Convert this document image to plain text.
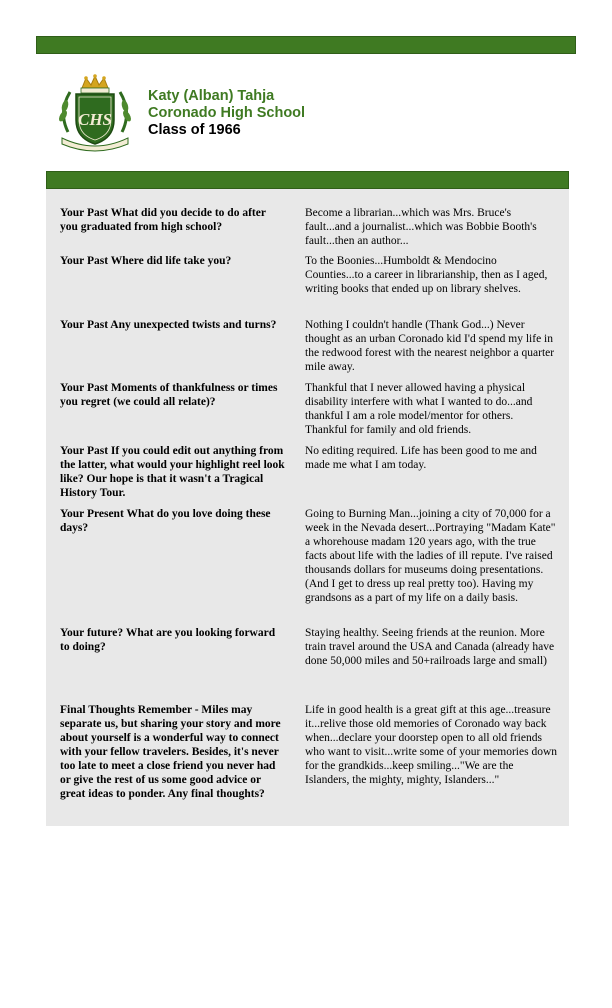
CHS
Katy (Alban) Tahja
Coronado High School
Class of 1966
Your Past What did you decide to do after you graduated from high school?
Become a librarian...which was Mrs. Bruce's fault...and a journalist...which was Bobbie Booth's fault...then an author...
Your Past Where did life take you?	To the Boonies...Humboldt & Mendocino Counties...to a career in librarianship, then as I aged, writing books that ended up on library shelves.
Your Past Any unexpected twists and turns?	Nothing I couldn't handle (Thank God...) Never thought as an urban Coronado kid I'd spend my life in the redwood forest with the nearest neighbor a quarter mile away.
Your Past Moments of thankfulness or times you regret (we could all relate)?
Thankful that I never allowed having a physical disability interfere with what I wanted to do...and thankful I am a role model/mentor for others. Thankful for family and old friends.
Your Past If you could edit out anything from the latter, what would your highlight reel look like? Our hope is that it wasn't a Tragical History Tour.
No editing required. Life has been good to me and made me what I am today.
Your Present What do you love doing these days?
Going to Burning Man...joining a city of 70,000 for a week in the Nevada desert...Portraying "Madam Kate" a whorehouse madam 120 years ago, with the true facts about life with the ladies of ill repute. I've raised thousands dollars for museums doing presentations. (And I get to dress up real pretty too). Having my grandsons as a part of my life on a daily basis.
Your future? What are you looking forward to doing?
Staying healthy. Seeing friends at the reunion. More train travel around the USA and Canada (already have done 50,000 miles and 50+railroads large and small)
Final Thoughts Remember - Miles may separate us, but sharing your story and more about yourself is a wonderful way to connect with your fellow travelers. Besides, it's never too late to meet a close friend you never had or give the rest of us some good advice or great ideas to ponder. Any final thoughts?
Life in good health is a great gift at this age...treasure it...relive those old memories of Coronado way back when...declare your doorstep open to all old friends who want to visit...write some of your memories down for the grandkids...keep smiling..."We are the Islanders, the mighty, mighty, Islanders..."
